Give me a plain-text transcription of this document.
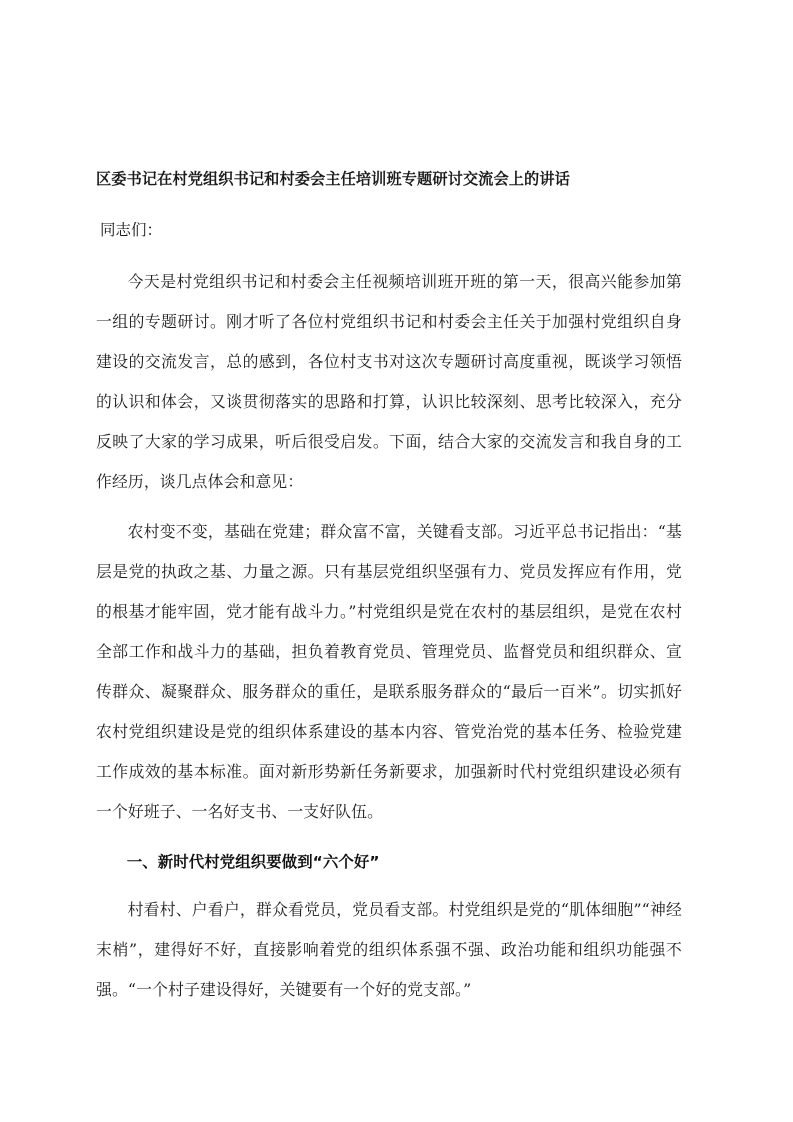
区委书记在村党组织书记和村委会主任培训班专题研讨交流会上的讲话

同志们：

今天是村党组织书记和村委会主任视频培训班开班的第一天，很高兴能参加第一组的专题研讨。刚才听了各位村党组织书记和村委会主任关于加强村党组织自身建设的交流发言，总的感到，各位村支书对这次专题研讨高度重视，既谈学习领悟的认识和体会，又谈贯彻落实的思路和打算，认识比较深刻、思考比较深入，充分反映了大家的学习成果，听后很受启发。下面，结合大家的交流发言和我自身的工作经历，谈几点体会和意见：

农村变不变，基础在党建；群众富不富，关键看支部。习近平总书记指出：“基层是党的执政之基、力量之源。只有基层党组织坚强有力、党员发挥应有作用，党的根基才能牢固，党才能有战斗力。”村党组织是党在农村的基层组织，是党在农村全部工作和战斗力的基础，担负着教育党员、管理党员、监督党员和组织群众、宣传群众、凝聚群众、服务群众的重任，是联系服务群众的“最后一百米”。切实抓好农村党组织建设是党的组织体系建设的基本内容、管党治党的基本任务、检验党建工作成效的基本标准。面对新形势新任务新要求，加强新时代村党组织建设必须有一个好班子、一名好支书、一支好队伍。

一、新时代村党组织要做到“六个好”

村看村、户看户，群众看党员，党员看支部。村党组织是党的“肌体细胞”“神经末梢”，建得好不好，直接影响着党的组织体系强不强、政治功能和组织功能强不强。“一个村子建设得好，关键要有一个好的党支部。”
